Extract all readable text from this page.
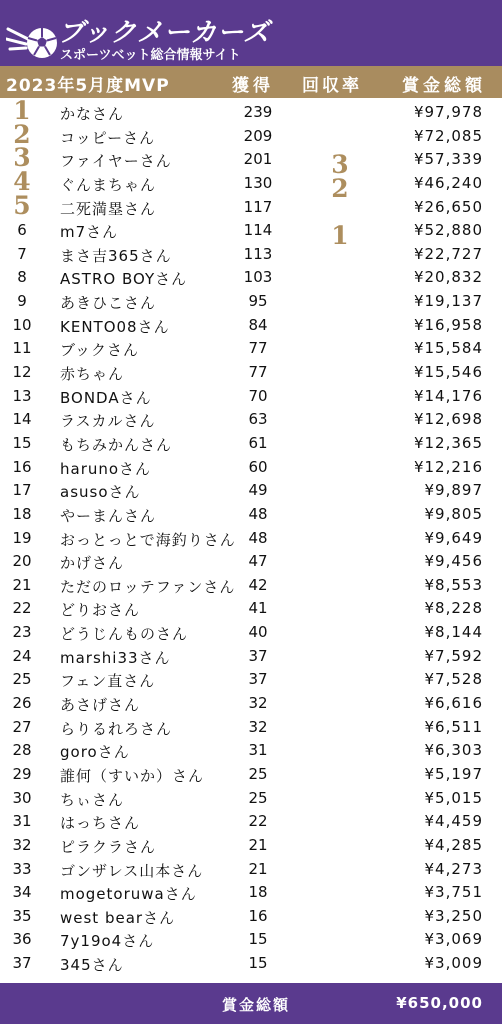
ブックメーカーズ
スポーツベット総合情報サイト
2023年5月度MVP	獲得 回収率 賞金総額
1	かなさん	239	¥97,978
2	コッピーさん	209	¥72,085
3	ファイヤーさん	201	3	¥57,339
4	ぐんまちゃん	130	2	¥46,240
5	二死満塁さん	117	¥26,650
6	m7さん	114	1	¥52,880
7	まさ吉365さん	113	¥22,727
8	ASTRO BOYさん	103	¥20,832
9	あきひこさん	95	¥19,137
10	KENTO08さん	84	¥16,958
11	ブックさん	77	¥15,584
12	赤ちゃん	77	¥15,546
13	BONDAさん	70	¥14,176
14	ラスカルさん	63	¥12,698
15	もちみかんさん	61	¥12,365
16	harunoさん	60	¥12,216
17	asusoさん	49	¥9,897
18	やーまんさん	48	¥9,805
19	おっとっとで海釣りさん 48	¥9,649
20	かげさん	47	¥9,456
21	ただのロッテファンさん 42	¥8,553
22	どりおさん	41	¥8,228
23	どうじんものさん	40	¥8,144
24	marshi33さん	37	¥7,592
25	フェン直さん	37	¥7,528
26	あさげさん	32	¥6,616
27	らりるれろさん	32	¥6,511
28	goroさん	31	¥6,303
29	誰何（すいか）さん	25	¥5,197
30	ちぃさん	25	¥5,015
31	はっちさん	22	¥4,459
32	ピラクラさん	21	¥4,285
33	ゴンザレス山本さん	21	¥4,273
34	mogetoruwaさん	18	¥3,751
35	west bearさん	16	¥3,250
36	7y19o4さん	15	¥3,069
37	345さん	15	¥3,009
賞金総額	¥650,000
